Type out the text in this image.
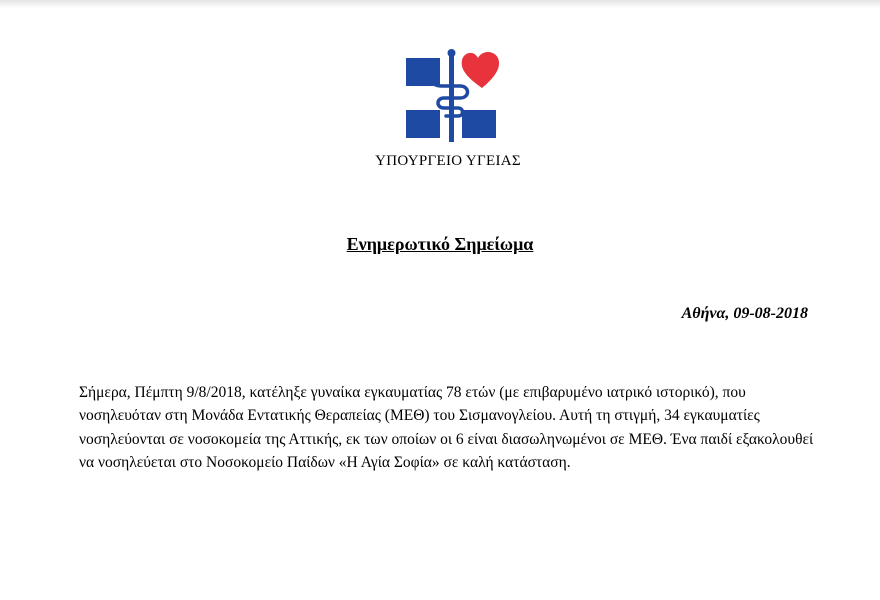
ΥΠΟΥΡΓΕΙΟ ΥΓΕΙΑΣ
Ενημερωτικό Σημείωμα
Αθήνα, 09-08-2018

Σήμερα, Πέμπτη 9/8/2018, κατέληξε γυναίκα εγκαυματίας 78 ετών (με επιβαρυμένο ιατρικό ιστορικό), που νοσηλευόταν στη Μονάδα Εντατικής Θεραπείας (ΜΕΘ) του Σισμανογλείου. Αυτή τη στιγμή, 34 εγκαυματίες νοσηλεύονται σε νοσοκομεία της Αττικής, εκ των οποίων οι 6 είναι διασωληνωμένοι σε ΜΕΘ. Ένα παιδί εξακολουθεί να νοσηλεύεται στο Νοσοκομείο Παίδων «Η Αγία Σοφία» σε καλή κατάσταση.
